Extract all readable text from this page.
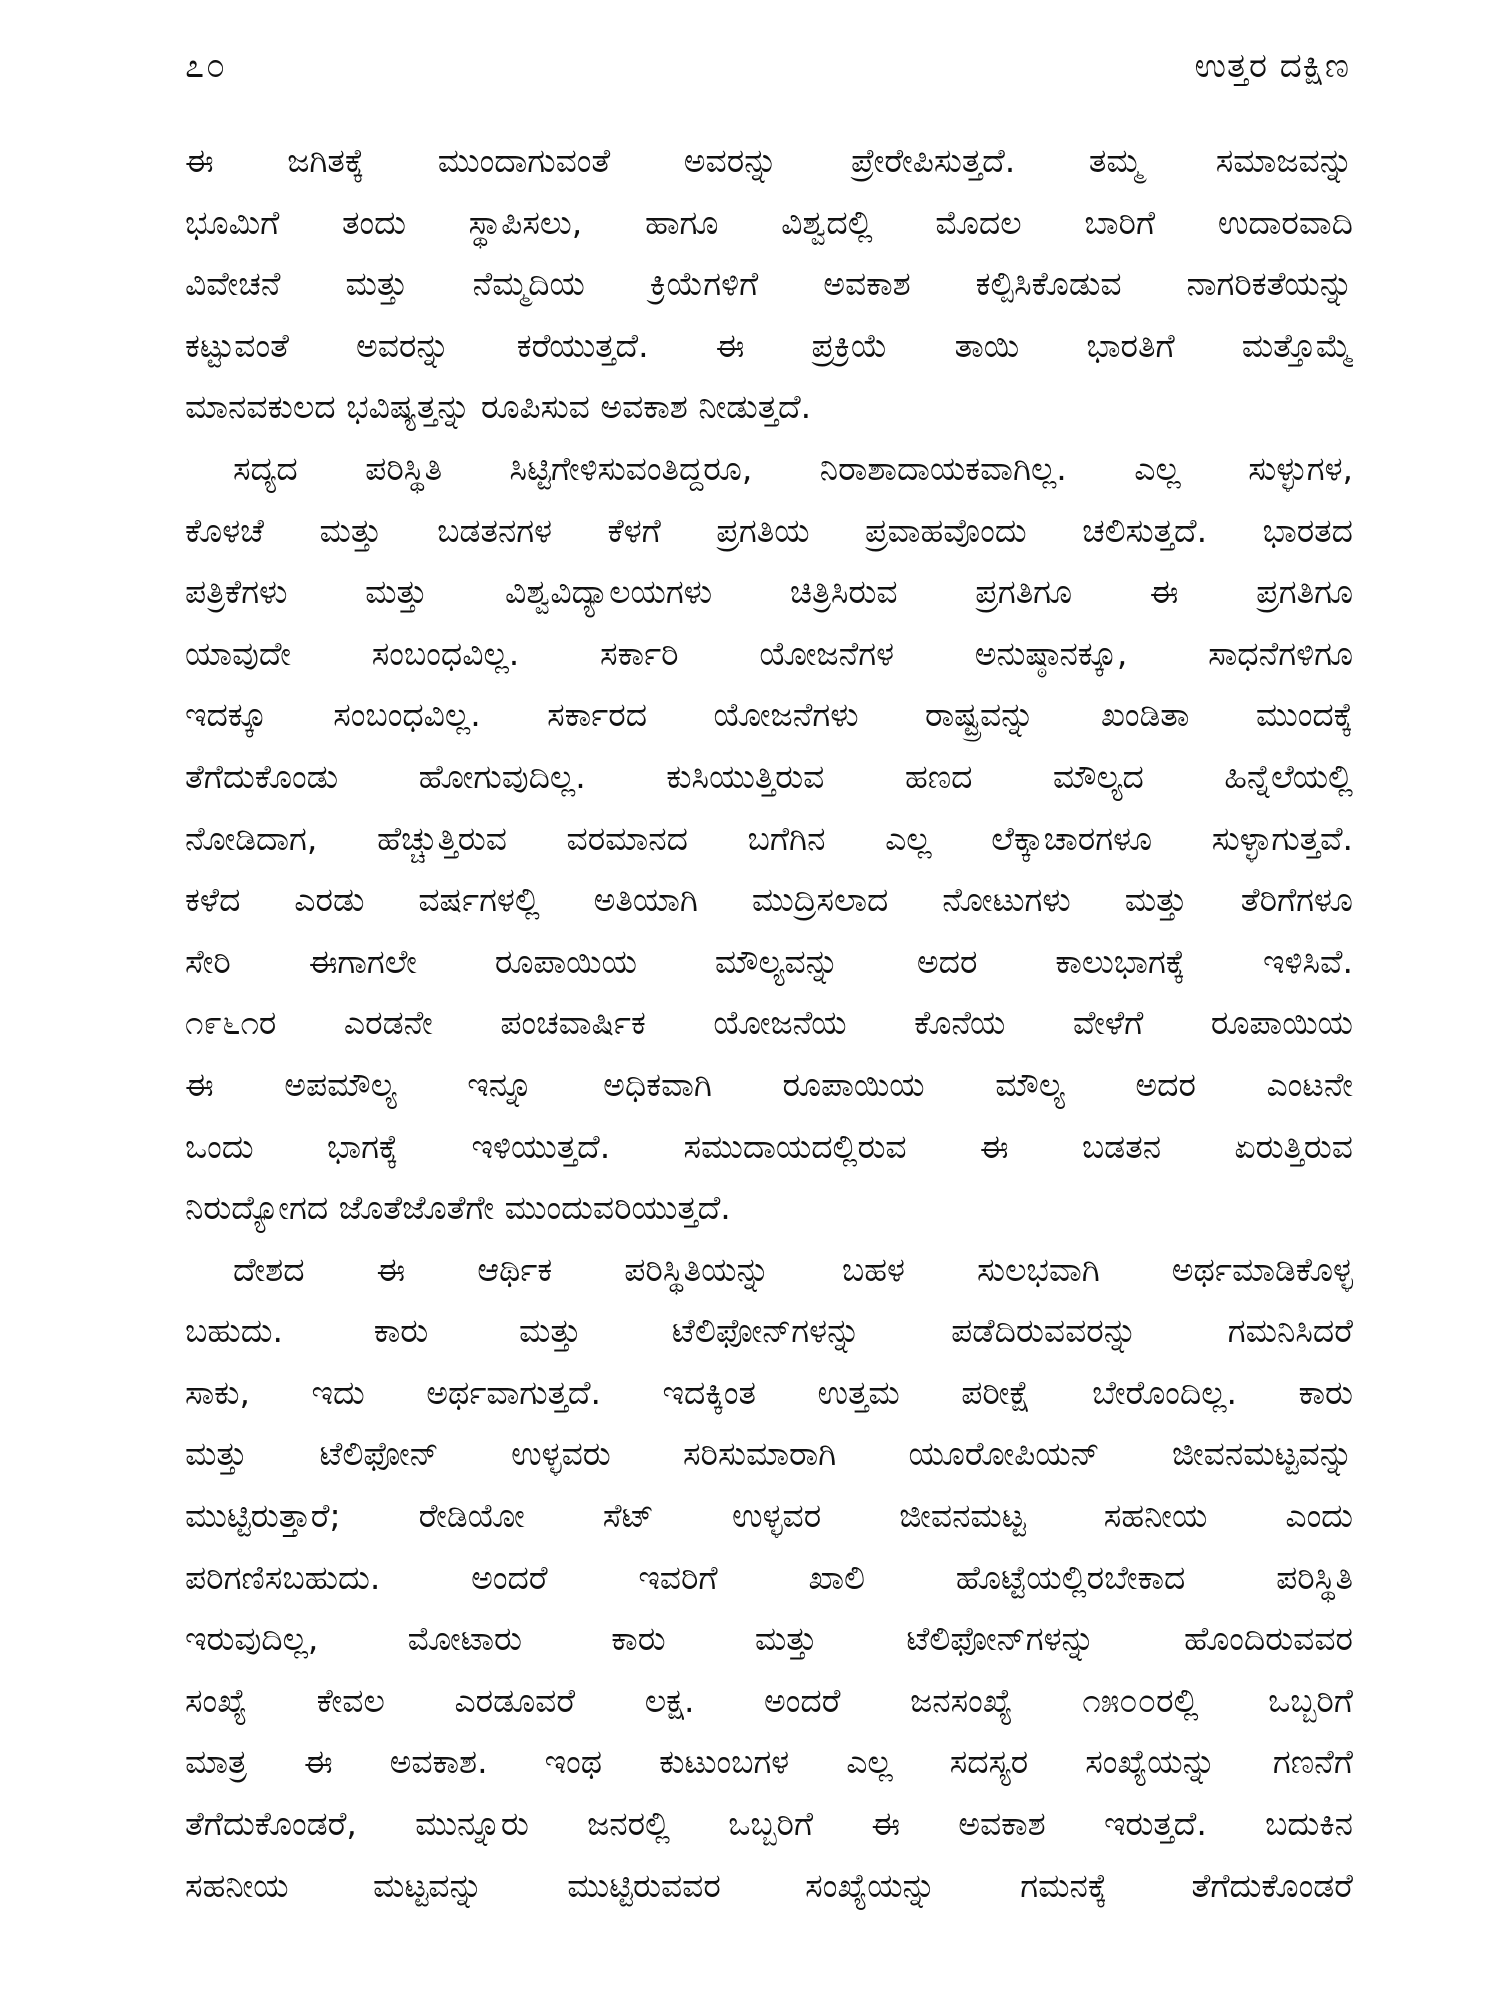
೭೦	ಉತ್ತರ ದಕ್ಷಿಣ
ಈ ಜಗಿತಕ್ಕೆ ಮುಂದಾಗುವಂತೆ ಅವರನ್ನು ಪ್ರೇರೇಪಿಸುತ್ತದೆ. ತಮ್ಮ ಸಮಾಜವನ್ನು
ಭೂಮಿಗೆ ತಂದು ಸ್ಥಾಪಿಸಲು, ಹಾಗೂ ವಿಶ್ವದಲ್ಲಿ ಮೊದಲ ಬಾರಿಗೆ ಉದಾರವಾದಿ
ವಿವೇಚನೆ ಮತ್ತು ನೆಮ್ಮದಿಯ ಕ್ರಿಯೆಗಳಿಗೆ ಅವಕಾಶ ಕಲ್ಪಿಸಿಕೊಡುವ ನಾಗರಿಕತೆಯನ್ನು
ಕಟ್ಟುವಂತೆ ಅವರನ್ನು ಕರೆಯುತ್ತದೆ. ಈ ಪ್ರಕ್ರಿಯೆ ತಾಯಿ ಭಾರತಿಗೆ ಮತ್ತೊಮ್ಮೆ
ಮಾನವಕುಲದ ಭವಿಷ್ಯತ್ತನ್ನು ರೂಪಿಸುವ ಅವಕಾಶ ನೀಡುತ್ತದೆ.
ಸದ್ಯದ ಪರಿಸ್ಥಿತಿ ಸಿಟ್ಟಿಗೇಳಿಸುವಂತಿದ್ದರೂ, ನಿರಾಶಾದಾಯಕವಾಗಿಲ್ಲ. ಎಲ್ಲ ಸುಳ್ಳುಗಳ,
ಕೊಳಚೆ ಮತ್ತು ಬಡತನಗಳ ಕೆಳಗೆ ಪ್ರಗತಿಯ ಪ್ರವಾಹವೊಂದು ಚಲಿಸುತ್ತದೆ. ಭಾರತದ
ಪತ್ರಿಕೆಗಳು ಮತ್ತು ವಿಶ್ವವಿದ್ಯಾಲಯಗಳು ಚಿತ್ರಿಸಿರುವ ಪ್ರಗತಿಗೂ ಈ ಪ್ರಗತಿಗೂ
ಯಾವುದೇ ಸಂಬಂಧವಿಲ್ಲ. ಸರ್ಕಾರಿ ಯೋಜನೆಗಳ ಅನುಷ್ಠಾನಕ್ಕೂ, ಸಾಧನೆಗಳಿಗೂ
ಇದಕ್ಕೂ ಸಂಬಂಧವಿಲ್ಲ. ಸರ್ಕಾರದ ಯೋಜನೆಗಳು ರಾಷ್ಟ್ರವನ್ನು ಖಂಡಿತಾ ಮುಂದಕ್ಕೆ
ತೆಗೆದುಕೊಂಡು ಹೋಗುವುದಿಲ್ಲ. ಕುಸಿಯುತ್ತಿರುವ ಹಣದ ಮೌಲ್ಯದ ಹಿನ್ನೆಲೆಯಲ್ಲಿ
ನೋಡಿದಾಗ, ಹೆಚ್ಚುತ್ತಿರುವ ವರಮಾನದ ಬಗೆಗಿನ ಎಲ್ಲ ಲೆಕ್ಕಾಚಾರಗಳೂ ಸುಳ್ಳಾಗುತ್ತವೆ.
ಕಳೆದ ಎರಡು ವರ್ಷಗಳಲ್ಲಿ ಅತಿಯಾಗಿ ಮುದ್ರಿಸಲಾದ ನೋಟುಗಳು ಮತ್ತು ತೆರಿಗೆಗಳೂ
ಸೇರಿ ಈಗಾಗಲೇ ರೂಪಾಯಿಯ ಮೌಲ್ಯವನ್ನು ಅದರ ಕಾಲುಭಾಗಕ್ಕೆ ಇಳಿಸಿವೆ.
೧೯೬೧ರ ಎರಡನೇ ಪಂಚವಾರ್ಷಿಕ ಯೋಜನೆಯ ಕೊನೆಯ ವೇಳೆಗೆ ರೂಪಾಯಿಯ
ಈ ಅಪಮೌಲ್ಯ ಇನ್ನೂ ಅಧಿಕವಾಗಿ ರೂಪಾಯಿಯ ಮೌಲ್ಯ ಅದರ ಎಂಟನೇ
ಒಂದು ಭಾಗಕ್ಕೆ ಇಳಿಯುತ್ತದೆ. ಸಮುದಾಯದಲ್ಲಿರುವ ಈ ಬಡತನ ಏರುತ್ತಿರುವ
ನಿರುದ್ಯೋಗದ ಜೊತೆಜೊತೆಗೇ ಮುಂದುವರಿಯುತ್ತದೆ.
ದೇಶದ ಈ ಆರ್ಥಿಕ ಪರಿಸ್ಥಿತಿಯನ್ನು ಬಹಳ ಸುಲಭವಾಗಿ ಅರ್ಥಮಾಡಿಕೊಳ್ಳ
ಬಹುದು. ಕಾರು ಮತ್ತು ಟೆಲಿಫೋನ್‌ಗಳನ್ನು ಪಡೆದಿರುವವರನ್ನು ಗಮನಿಸಿದರೆ
ಸಾಕು, ಇದು ಅರ್ಥವಾಗುತ್ತದೆ. ಇದಕ್ಕಿಂತ ಉತ್ತಮ ಪರೀಕ್ಷೆ ಬೇರೊಂದಿಲ್ಲ. ಕಾರು
ಮತ್ತು ಟೆಲಿಫೋನ್ ಉಳ್ಳವರು ಸರಿಸುಮಾರಾಗಿ ಯೂರೋಪಿಯನ್ ಜೀವನಮಟ್ಟವನ್ನು
ಮುಟ್ಟಿರುತ್ತಾರೆ; ರೇಡಿಯೋ ಸೆಟ್ ಉಳ್ಳವರ ಜೀವನಮಟ್ಟ ಸಹನೀಯ ಎಂದು
ಪರಿಗಣಿಸಬಹುದು. ಅಂದರೆ ಇವರಿಗೆ ಖಾಲಿ ಹೊಟ್ಟೆಯಲ್ಲಿರಬೇಕಾದ ಪರಿಸ್ಥಿತಿ
ಇರುವುದಿಲ್ಲ, ಮೋಟಾರು ಕಾರು ಮತ್ತು ಟೆಲಿಫೋನ್‌ಗಳನ್ನು ಹೊಂದಿರುವವರ
ಸಂಖ್ಯೆ ಕೇವಲ ಎರಡೂವರೆ ಲಕ್ಷ. ಅಂದರೆ ಜನಸಂಖ್ಯೆ ೧೫೦೦ರಲ್ಲಿ ಒಬ್ಬರಿಗೆ
ಮಾತ್ರ ಈ ಅವಕಾಶ. ಇಂಥ ಕುಟುಂಬಗಳ ಎಲ್ಲ ಸದಸ್ಯರ ಸಂಖ್ಯೆಯನ್ನು ಗಣನೆಗೆ
ತೆಗೆದುಕೊಂಡರೆ, ಮುನ್ನೂರು ಜನರಲ್ಲಿ ಒಬ್ಬರಿಗೆ ಈ ಅವಕಾಶ ಇರುತ್ತದೆ. ಬದುಕಿನ
ಸಹನೀಯ ಮಟ್ಟವನ್ನು ಮುಟ್ಟಿರುವವರ ಸಂಖ್ಯೆಯನ್ನು ಗಮನಕ್ಕೆ ತೆಗೆದುಕೊಂಡರೆ
